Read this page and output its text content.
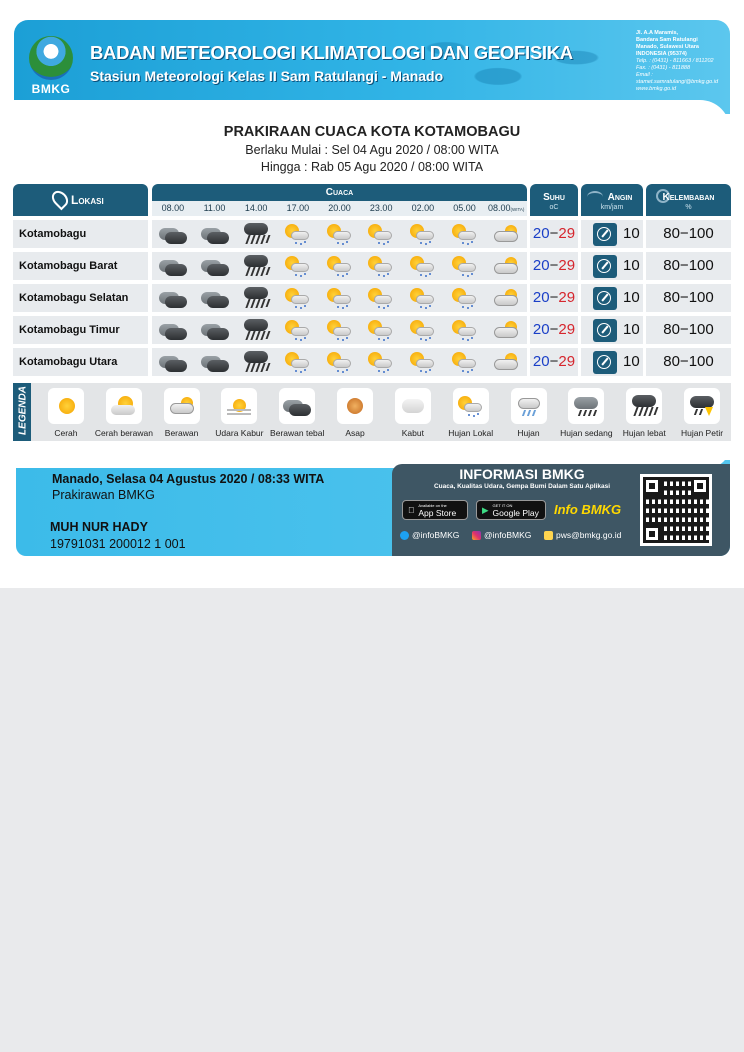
BMKG
BADAN METEOROLOGI KLIMATOLOGI DAN GEOFISIKA
Stasiun Meteorologi Kelas II Sam Ratulangi - Manado
Jl. A.A Maramis,
Bandara Sam Ratulangi
Manado, Sulawesi Utara
INDONESIA (95374)
Telp. : (0431) - 811663 / 811202
Fax. : (0431) - 811888
Email :
stamet.samratulangi@bmkg.go.id
www.bmkg.go.id
PRAKIRAAN CUACA KOTA KOTAMOBAGU
Berlaku Mulai : Sel 04 Agu 2020 / 08:00 WITA
Hingga : Rab 05 Agu 2020 / 08:00 WITA
Lokasi
Cuaca
08.00	11.00	14.00	17.00	20.00	23.00	02.00	05.00	08.00(WITA)
Suhu
oC
Angin
km/jam
Kelembaban
%
Kotamobagu	20−29	10	80−100
Kotamobagu Barat	20−29	10	80−100
Kotamobagu Selatan	20−29	10	80−100
Kotamobagu Timur	20−29	10	80−100
Kotamobagu Utara	20−29	10	80−100
LEGENDA	Cerah	Cerah berawan	Berawan	Udara Kabur Berawan tebal	Asap	Kabut	Hujan Lokal	Hujan	Hujan sedang	Hujan lebat	Hujan Petir
Manado, Selasa 04 Agustus 2020 / 08:33 WITA
Prakirawan BMKG
MUH NUR HADY
19791031 200012 1 001
INFORMASI BMKG
Cuaca, Kualitas Udara, Gempa Bumi Dalam Satu Aplikasi
Available on the
App Store	▶ GET IT ON
Google Play Info BMKG
@infoBMKG	@infoBMKG	pws@bmkg.go.id
